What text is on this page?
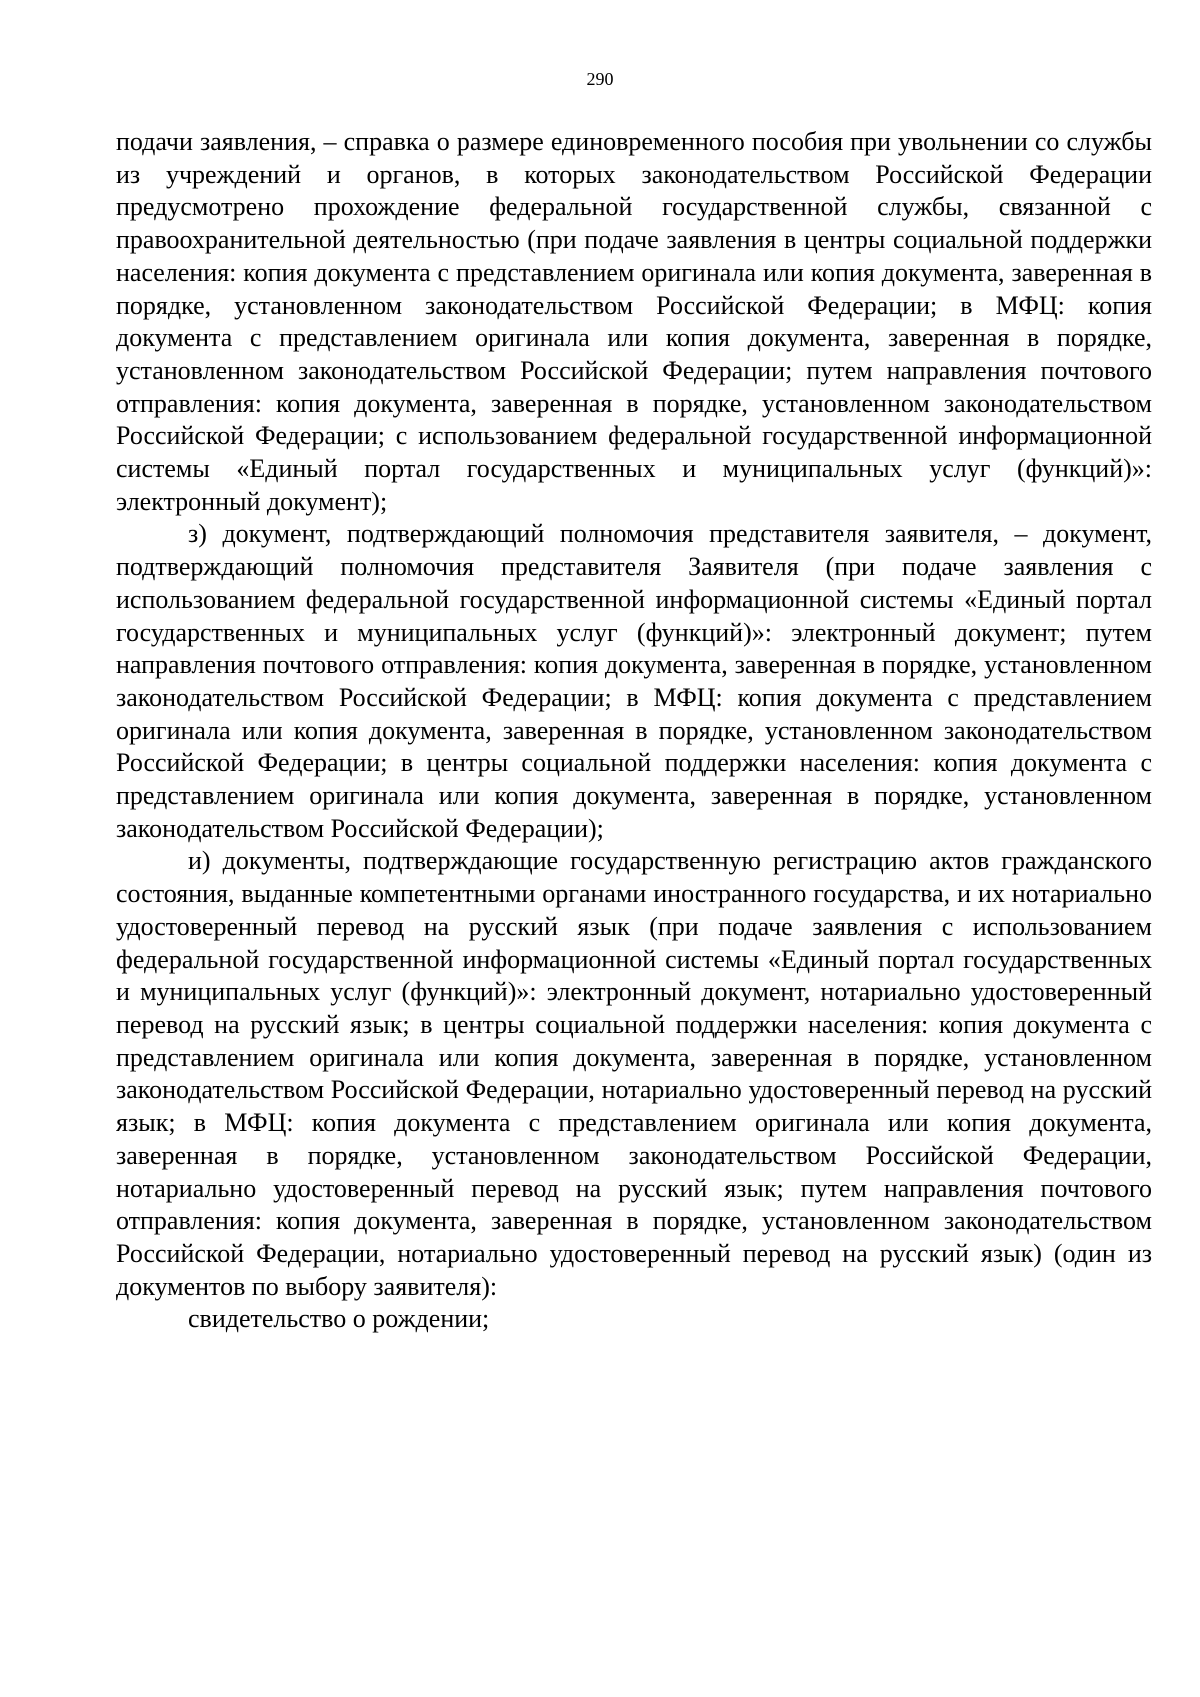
290

подачи заявления, – справка о размере единовременного пособия при увольнении со службы из учреждений и органов, в которых законодательством Российской Федерации предусмотрено прохождение федеральной государственной службы, связанной с правоохранительной деятельностью (при подаче заявления в центры социальной поддержки населения: копия документа с представлением оригинала или копия документа, заверенная в порядке, установленном законодательством Российской Федерации; в МФЦ: копия документа с представлением оригинала или копия документа, заверенная в порядке, установленном законодательством Российской Федерации; путем направления почтового отправления: копия документа, заверенная в порядке, установленном законодательством Российской Федерации; с использованием федеральной государственной информационной системы «Единый портал государственных и муниципальных услуг (функций)»: электронный документ);

з) документ, подтверждающий полномочия представителя заявителя, – документ, подтверждающий полномочия представителя Заявителя (при подаче заявления с использованием федеральной государственной информационной системы «Единый портал государственных и муниципальных услуг (функций)»: электронный документ; путем направления почтового отправления: копия документа, заверенная в порядке, установленном законодательством Российской Федерации; в МФЦ: копия документа с представлением оригинала или копия документа, заверенная в порядке, установленном законодательством Российской Федерации; в центры социальной поддержки населения: копия документа с представлением оригинала или копия документа, заверенная в порядке, установленном законодательством Российской Федерации);

и) документы, подтверждающие государственную регистрацию актов гражданского состояния, выданные компетентными органами иностранного государства, и их нотариально удостоверенный перевод на русский язык (при подаче заявления с использованием федеральной государственной информационной системы «Единый портал государственных и муниципальных услуг (функций)»: электронный документ, нотариально удостоверенный перевод на русский язык; в центры социальной поддержки населения: копия документа с представлением оригинала или копия документа, заверенная в порядке, установленном законодательством Российской Федерации, нотариально удостоверенный перевод на русский язык; в МФЦ: копия документа с представлением оригинала или копия документа, заверенная в порядке, установленном законодательством Российской Федерации, нотариально удостоверенный перевод на русский язык; путем направления почтового отправления: копия документа, заверенная в порядке, установленном законодательством Российской Федерации, нотариально удостоверенный перевод на русский язык) (один из документов по выбору заявителя):

свидетельство о рождении;
